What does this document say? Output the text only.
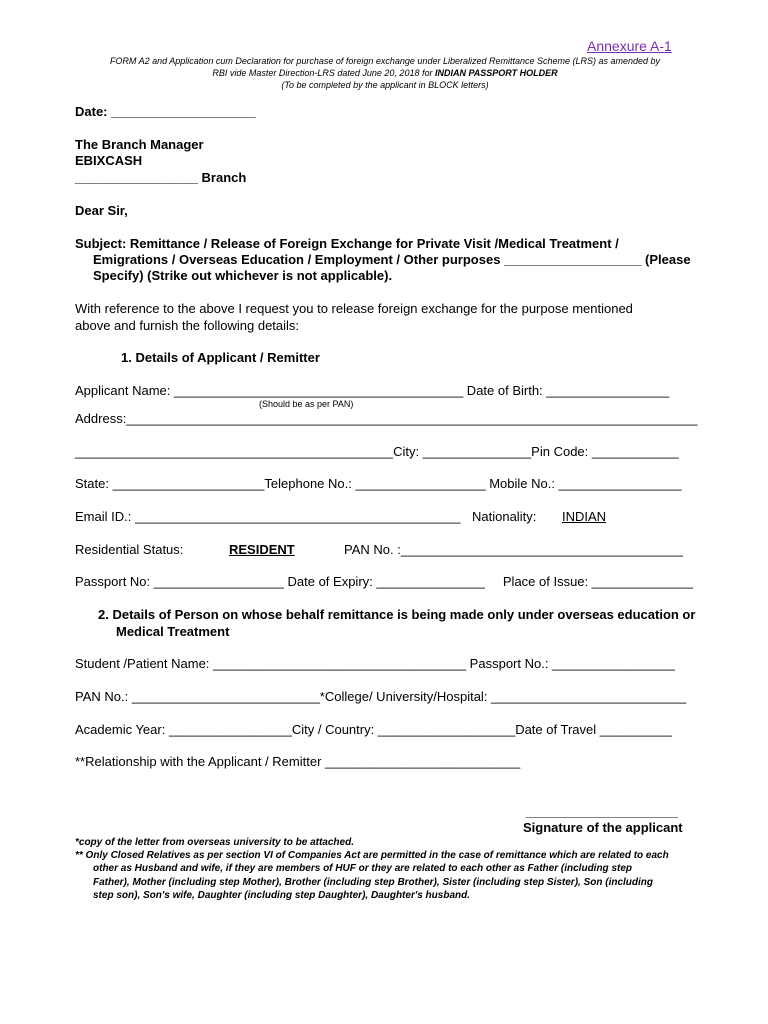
Annexure A-1
FORM A2 and Application cum Declaration for purchase of foreign exchange under Liberalized Remittance Scheme (LRS) as amended by
RBI vide Master Direction-LRS dated June 20, 2018 for INDIAN PASSPORT HOLDER
(To be completed by the applicant in BLOCK letters)
Date: ____________________
The Branch Manager
EBIXCASH
_________________ Branch
Dear Sir,
Subject: Remittance / Release of Foreign Exchange for Private Visit /Medical Treatment /
Emigrations / Overseas Education / Employment / Other purposes ___________________ (Please
Specify) (Strike out whichever is not applicable).
With reference to the above I request you to release foreign exchange for the purpose mentioned
above and furnish the following details:
1. Details of Applicant / Remitter
Applicant Name: ________________________________________ Date of Birth: _________________
(Should be as per PAN)
Address:_______________________________________________________________________________
____________________________________________City: _______________Pin Code: ____________
State: _____________________Telephone No.: __________________ Mobile No.: _________________
Email ID.: _____________________________________________ Nationality: INDIAN
Residential Status:	RESIDENT	PAN No. :_______________________________________
Passport No: __________________ Date of Expiry: _______________     Place of Issue: ______________
2. Details of Person on whose behalf remittance is being made only under overseas education or
Medical Treatment
Student /Patient Name: ___________________________________ Passport No.: _________________
PAN No.: __________________________*College/ University/Hospital: ___________________________
Academic Year: _________________City / Country: ___________________Date of Travel __________
**Relationship with the Applicant / Remitter ___________________________
_____________________
Signature of the applicant
*copy of the letter from overseas university to be attached.
** Only Closed Relatives as per section VI of Companies Act are permitted in the case of remittance which are related to each
other as Husband and wife, if they are members of HUF or they are related to each other as Father (including step
Father), Mother (including step Mother), Brother (including step Brother), Sister (including step Sister), Son (including
step son), Son's wife, Daughter (including step Daughter), Daughter's husband.
